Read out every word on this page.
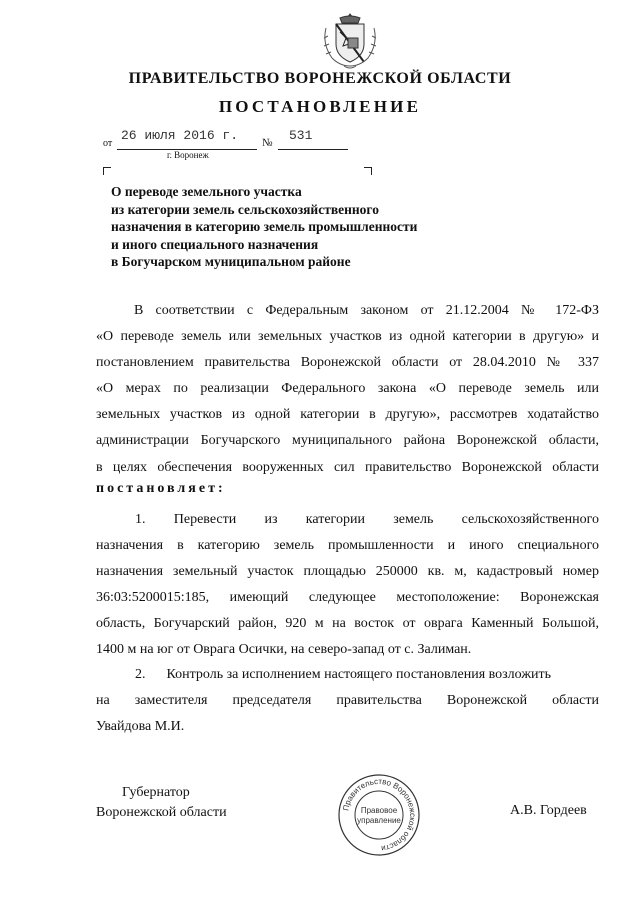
ПРАВИТЕЛЬСТВО ВОРОНЕЖСКОЙ ОБЛАСТИ
ПОСТАНОВЛЕНИЕ
от
26 июля 2016 г. № 531
г. Воронеж
О переводе земельного участка
из категории земель сельскохозяйственного
назначения в категорию земель промышленности
и иного специального назначения
в Богучарском муниципальном районе
В соответствии с Федеральным законом от 21.12.2004 № 172-ФЗ
«О переводе земель или земельных участков из одной категории в другую» и
постановлением правительства Воронежской области от 28.04.2010 № 337
«О мерах по реализации Федерального закона «О переводе земель или
земельных участков из одной категории в другую», рассмотрев ходатайство
администрации Богучарского муниципального района Воронежской области,
в целях обеспечения вооруженных сил правительство Воронежской области
постановляет:
1. Перевести из категории земель сельскохозяйственного
назначения в категорию земель промышленности и иного специального
назначения земельный участок площадью 250000 кв. м, кадастровый номер
36:03:5200015:185, имеющий следующее местоположение: Воронежская
область, Богучарский район, 920 м на восток от оврага Каменный Большой,
1400 м на юг от Оврага Осички, на северо-запад от с. Залиман.
2.      Контроль за исполнением настоящего постановления возложить
на заместителя председателя правительства Воронежской области
Увайдова М.И.
Губернатор
Воронежской области	А.В. Гордеев
Правительство Воронежской области
Правовое
управление
